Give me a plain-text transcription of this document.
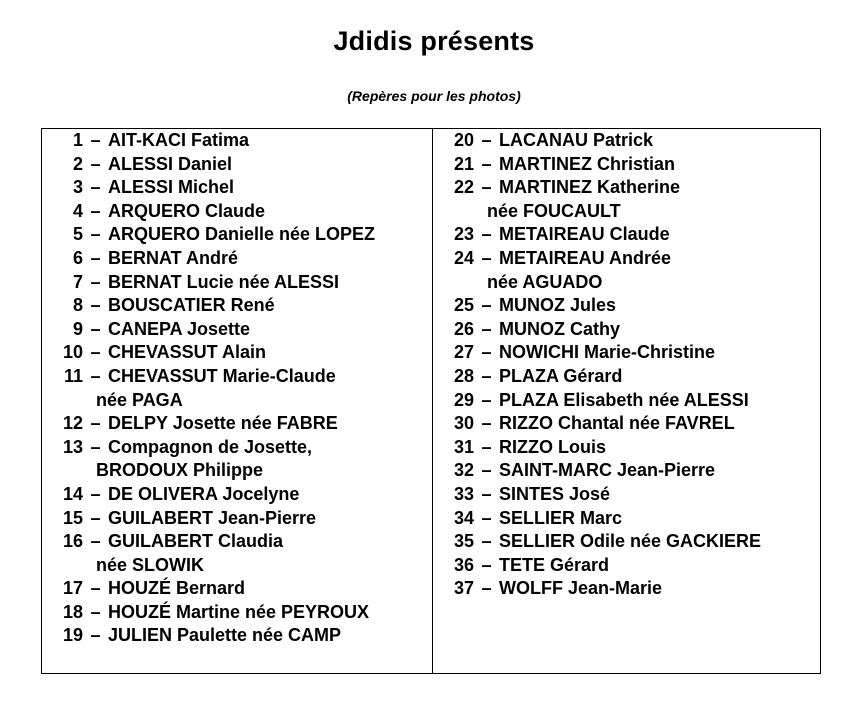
Jdidis présents
(Repères pour les photos)
1 – AIT-KACI Fatima
2 – ALESSI Daniel
3 – ALESSI Michel
4 – ARQUERO Claude
5 – ARQUERO Danielle née LOPEZ
6 – BERNAT André
7 – BERNAT Lucie née ALESSI
8 – BOUSCATIER René
9 – CANEPA Josette
10 – CHEVASSUT Alain
11 – CHEVASSUT Marie-Claude
née PAGA
12 – DELPY Josette née FABRE
13 – Compagnon de Josette,
BRODOUX Philippe
14 – DE OLIVERA Jocelyne
15 – GUILABERT Jean-Pierre
16 – GUILABERT Claudia
née SLOWIK
17 – HOUZÉ Bernard
18 – HOUZÉ Martine née PEYROUX
19 – JULIEN Paulette née CAMP
20 – LACANAU Patrick
21 – MARTINEZ Christian
22 – MARTINEZ Katherine
née FOUCAULT
23 – METAIREAU Claude
24 – METAIREAU Andrée
née AGUADO
25 – MUNOZ Jules
26 – MUNOZ Cathy
27 – NOWICHI Marie-Christine
28 – PLAZA Gérard
29 – PLAZA Elisabeth née ALESSI
30 – RIZZO Chantal née FAVREL
31 – RIZZO Louis
32 – SAINT-MARC Jean-Pierre
33 – SINTES José
34 – SELLIER Marc
35 – SELLIER Odile née GACKIERE
36 – TETE Gérard
37 – WOLFF Jean-Marie
